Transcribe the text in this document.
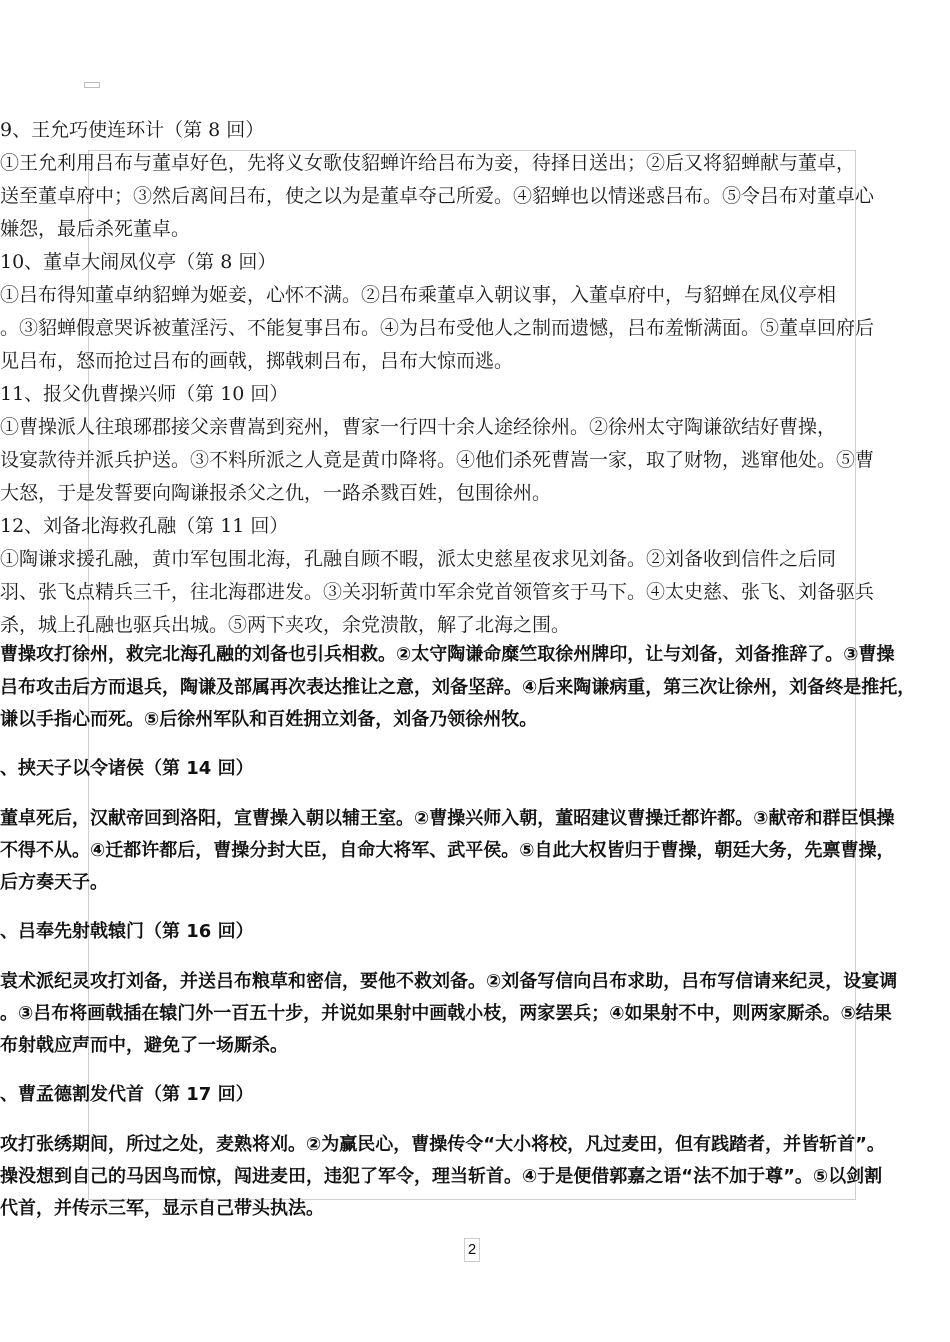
9、王允巧使连环计（第 8 回）
①王允利用吕布与董卓好色，先将义女歌伎貂蝉许给吕布为妾，待择日送出；②后又将貂蝉献与董卓，
送至董卓府中；③然后离间吕布，使之以为是董卓夺己所爱。④貂蝉也以情迷惑吕布。⑤令吕布对董卓心
嫌怨，最后杀死董卓。
10、董卓大闹凤仪亭（第 8 回）
①吕布得知董卓纳貂蝉为姬妾，心怀不满。②吕布乘董卓入朝议事，入董卓府中，与貂蝉在凤仪亭相
。③貂蝉假意哭诉被董淫污、不能复事吕布。④为吕布受他人之制而遗憾，吕布羞惭满面。⑤董卓回府后
见吕布，怒而抢过吕布的画戟，掷戟刺吕布，吕布大惊而逃。
11、报父仇曹操兴师（第 10 回）
①曹操派人往琅琊郡接父亲曹嵩到兖州，曹家一行四十余人途经徐州。②徐州太守陶谦欲结好曹操，
设宴款待并派兵护送。③不料所派之人竟是黄巾降将。④他们杀死曹嵩一家，取了财物，逃窜他处。⑤曹
大怒，于是发誓要向陶谦报杀父之仇，一路杀戮百姓，包围徐州。
12、刘备北海救孔融（第 11 回）
①陶谦求援孔融，黄巾军包围北海，孔融自顾不暇，派太史慈星夜求见刘备。②刘备收到信件之后同
羽、张飞点精兵三千，往北海郡进发。③关羽斩黄巾军余党首领管亥于马下。④太史慈、张飞、刘备驱兵
杀，城上孔融也驱兵出城。⑤两下夹攻，余党溃散，解了北海之围。
曹操攻打徐州，救完北海孔融的刘备也引兵相救。②太守陶谦命糜竺取徐州牌印，让与刘备，刘备推辞了。③曹操
吕布攻击后方而退兵，陶谦及部属再次表达推让之意，刘备坚辞。④后来陶谦病重，第三次让徐州，刘备终是推托，
谦以手指心而死。⑤后徐州军队和百姓拥立刘备，刘备乃领徐州牧。
、挟天子以令诸侯（第 14 回）
董卓死后，汉献帝回到洛阳，宣曹操入朝以辅王室。②曹操兴师入朝，董昭建议曹操迁都许都。③献帝和群臣惧操
不得不从。④迁都许都后，曹操分封大臣，自命大将军、武平侯。⑤自此大权皆归于曹操，朝廷大务，先禀曹操，
后方奏天子。
、吕奉先射戟辕门（第 16 回）
袁术派纪灵攻打刘备，并送吕布粮草和密信，要他不救刘备。②刘备写信向吕布求助，吕布写信请来纪灵，设宴调
。③吕布将画戟插在辕门外一百五十步，并说如果射中画戟小枝，两家罢兵；④如果射不中，则两家厮杀。⑤结果
布射戟应声而中，避免了一场厮杀。
、曹孟德割发代首（第 17 回）
攻打张绣期间，所过之处，麦熟将刈。②为赢民心，曹操传令“大小将校，凡过麦田，但有践踏者，并皆斩首”。
操没想到自己的马因鸟而惊，闯进麦田，违犯了军令，理当斩首。④于是便借郭嘉之语“法不加于尊”。⑤以剑割
代首，并传示三军，显示自己带头执法。
2
